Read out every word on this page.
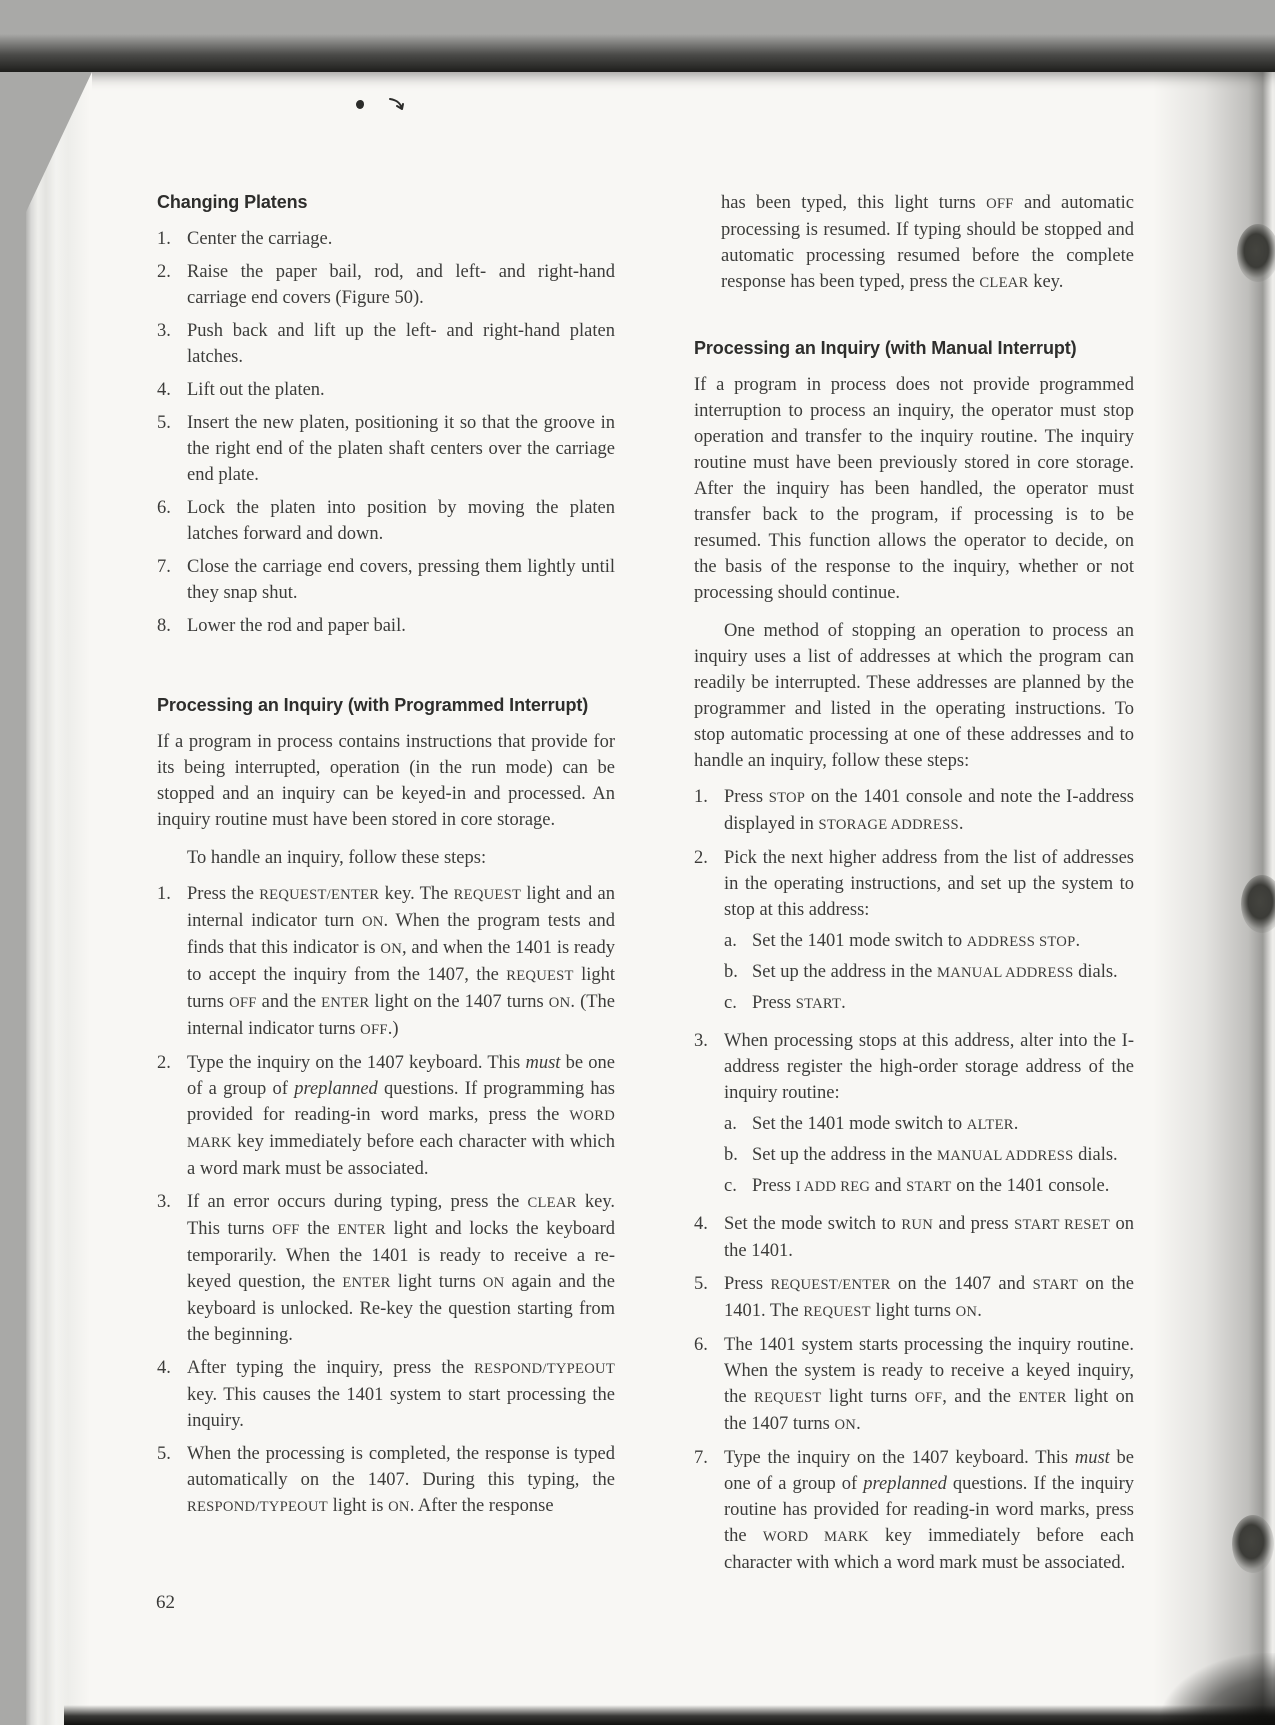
Changing Platens
1. Center the carriage.
2. Raise the paper bail, rod, and left- and right-hand carriage end covers (Figure 50).
3. Push back and lift up the left- and right-hand platen latches.
4. Lift out the platen.
5. Insert the new platen, positioning it so that the groove in the right end of the platen shaft centers over the carriage end plate.
6. Lock the platen into position by moving the platen latches forward and down.
7. Close the carriage end covers, pressing them lightly until they snap shut.
8. Lower the rod and paper bail.
Processing an Inquiry (with Programmed Interrupt)
If a program in process contains instructions that provide for its being interrupted, operation (in the run mode) can be stopped and an inquiry can be keyed-in and processed. An inquiry routine must have been stored in core storage.
To handle an inquiry, follow these steps:
1. Press the REQUEST/ENTER key. The REQUEST light and an internal indicator turn ON. When the program tests and finds that this indicator is ON, and when the 1401 is ready to accept the inquiry from the 1407, the REQUEST light turns OFF and the ENTER light on the 1407 turns ON. (The internal indicator turns OFF.)
2. Type the inquiry on the 1407 keyboard. This must be one of a group of preplanned questions. If programming has provided for reading-in word marks, press the WORD MARK key immediately before each character with which a word mark must be associated.
3. If an error occurs during typing, press the CLEAR key. This turns OFF the ENTER light and locks the keyboard temporarily. When the 1401 is ready to receive a re-keyed question, the ENTER light turns ON again and the keyboard is unlocked. Re-key the question starting from the beginning.
4. After typing the inquiry, press the RESPOND/TYPEOUT key. This causes the 1401 system to start processing the inquiry.
5. When the processing is completed, the response is typed automatically on the 1407. During this typing, the RESPOND/TYPEOUT light is ON. After the response
has been typed, this light turns OFF and automatic processing is resumed. If typing should be stopped and automatic processing resumed before the complete response has been typed, press the CLEAR key.
Processing an Inquiry (with Manual Interrupt)
If a program in process does not provide programmed interruption to process an inquiry, the operator must stop operation and transfer to the inquiry routine. The inquiry routine must have been previously stored in core storage. After the inquiry has been handled, the operator must transfer back to the program, if processing is to be resumed. This function allows the operator to decide, on the basis of the response to the inquiry, whether or not processing should continue.
One method of stopping an operation to process an inquiry uses a list of addresses at which the program can readily be interrupted. These addresses are planned by the programmer and listed in the operating instructions. To stop automatic processing at one of these addresses and to handle an inquiry, follow these steps:
1. Press STOP on the 1401 console and note the I-address displayed in STORAGE ADDRESS.
2. Pick the next higher address from the list of addresses in the operating instructions, and set up the system to stop at this address:
a. Set the 1401 mode switch to ADDRESS STOP.
b. Set up the address in the MANUAL ADDRESS dials.
c. Press START.
3. When processing stops at this address, alter into the I-address register the high-order storage address of the inquiry routine:
a. Set the 1401 mode switch to ALTER.
b. Set up the address in the MANUAL ADDRESS dials.
c. Press I ADD REG and START on the 1401 console.
4. Set the mode switch to RUN and press START RESET on the 1401.
5. Press REQUEST/ENTER on the 1407 and START on the 1401. The REQUEST light turns ON.
6. The 1401 system starts processing the inquiry routine. When the system is ready to receive a keyed inquiry, the REQUEST light turns OFF, and the ENTER light on the 1407 turns ON.
7. Type the inquiry on the 1407 keyboard. This must be one of a group of preplanned questions. If the inquiry routine has provided for reading-in word marks, press the WORD MARK key immediately before each character with which a word mark must be associated.
62
